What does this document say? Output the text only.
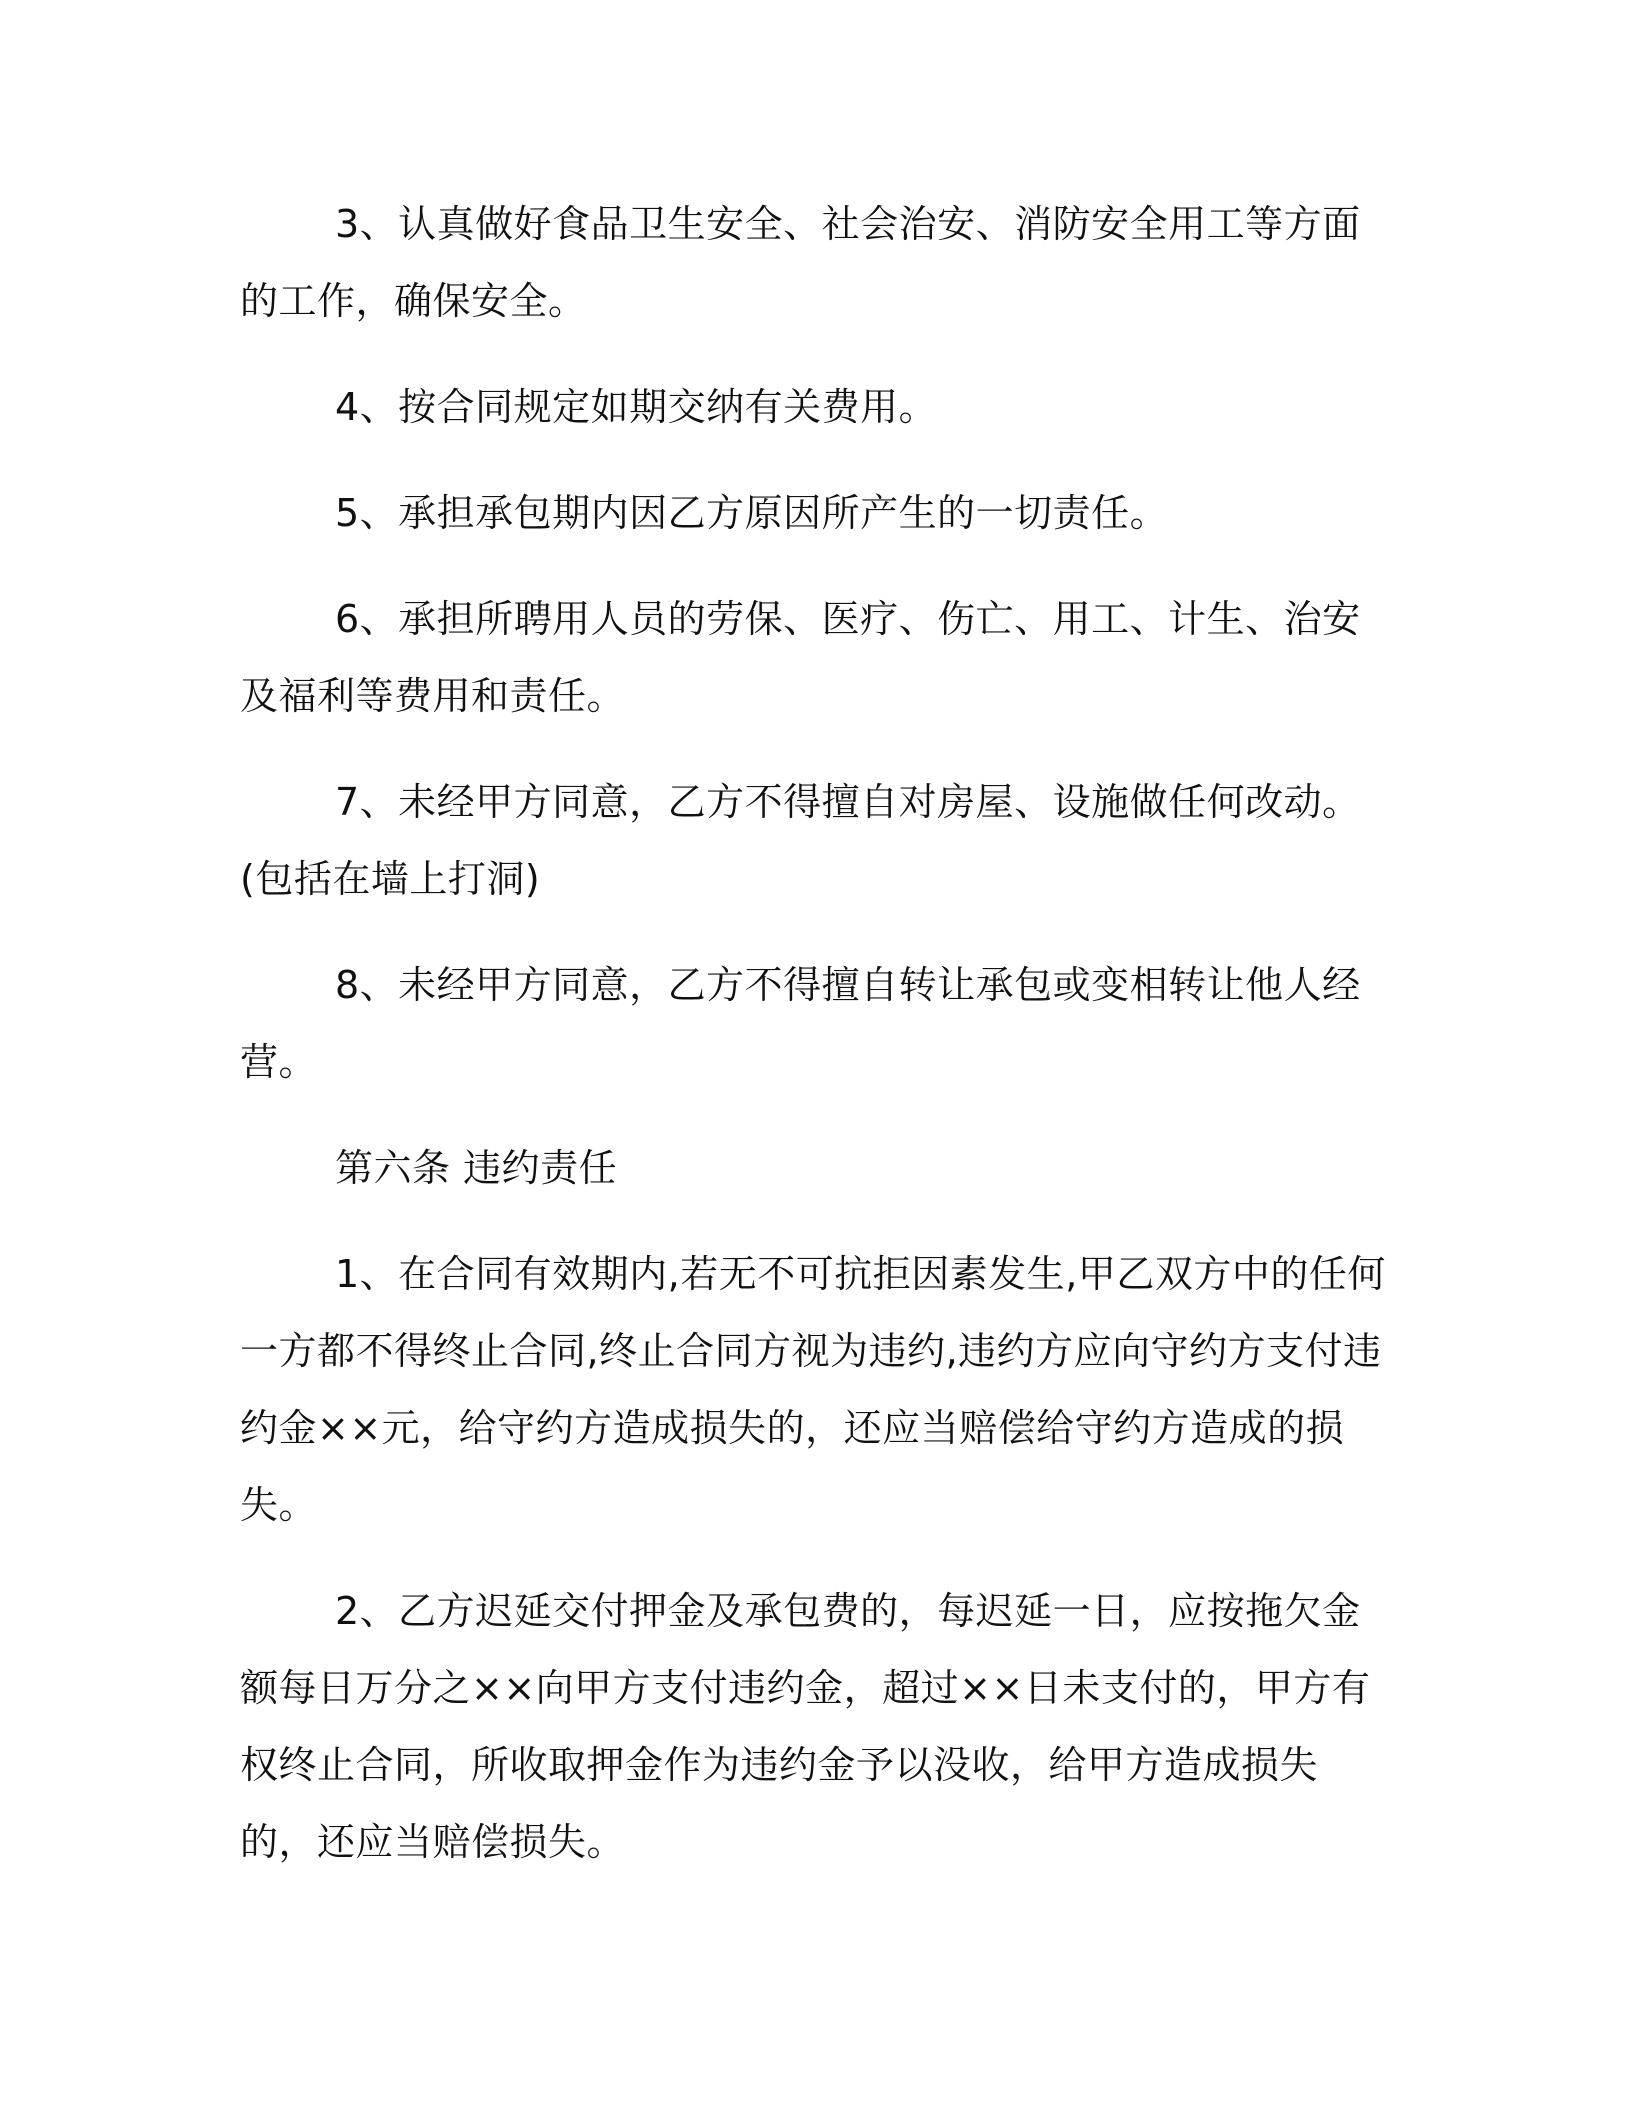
3、认真做好食品卫生安全、社会治安、消防安全用工等方面的工作，确保安全。

4、按合同规定如期交纳有关费用。

5、承担承包期内因乙方原因所产生的一切责任。

6、承担所聘用人员的劳保、医疗、伤亡、用工、计生、治安及福利等费用和责任。

7、未经甲方同意，乙方不得擅自对房屋、设施做任何改动。(包括在墙上打洞)

8、未经甲方同意，乙方不得擅自转让承包或变相转让他人经营。

第六条 违约责任

1、在合同有效期内,若无不可抗拒因素发生,甲乙双方中的任何一方都不得终止合同,终止合同方视为违约,违约方应向守约方支付违约金××元，给守约方造成损失的，还应当赔偿给守约方造成的损失。

2、乙方迟延交付押金及承包费的，每迟延一日，应按拖欠金额每日万分之××向甲方支付违约金，超过××日未支付的，甲方有权终止合同，所收取押金作为违约金予以没收，给甲方造成损失的，还应当赔偿损失。
